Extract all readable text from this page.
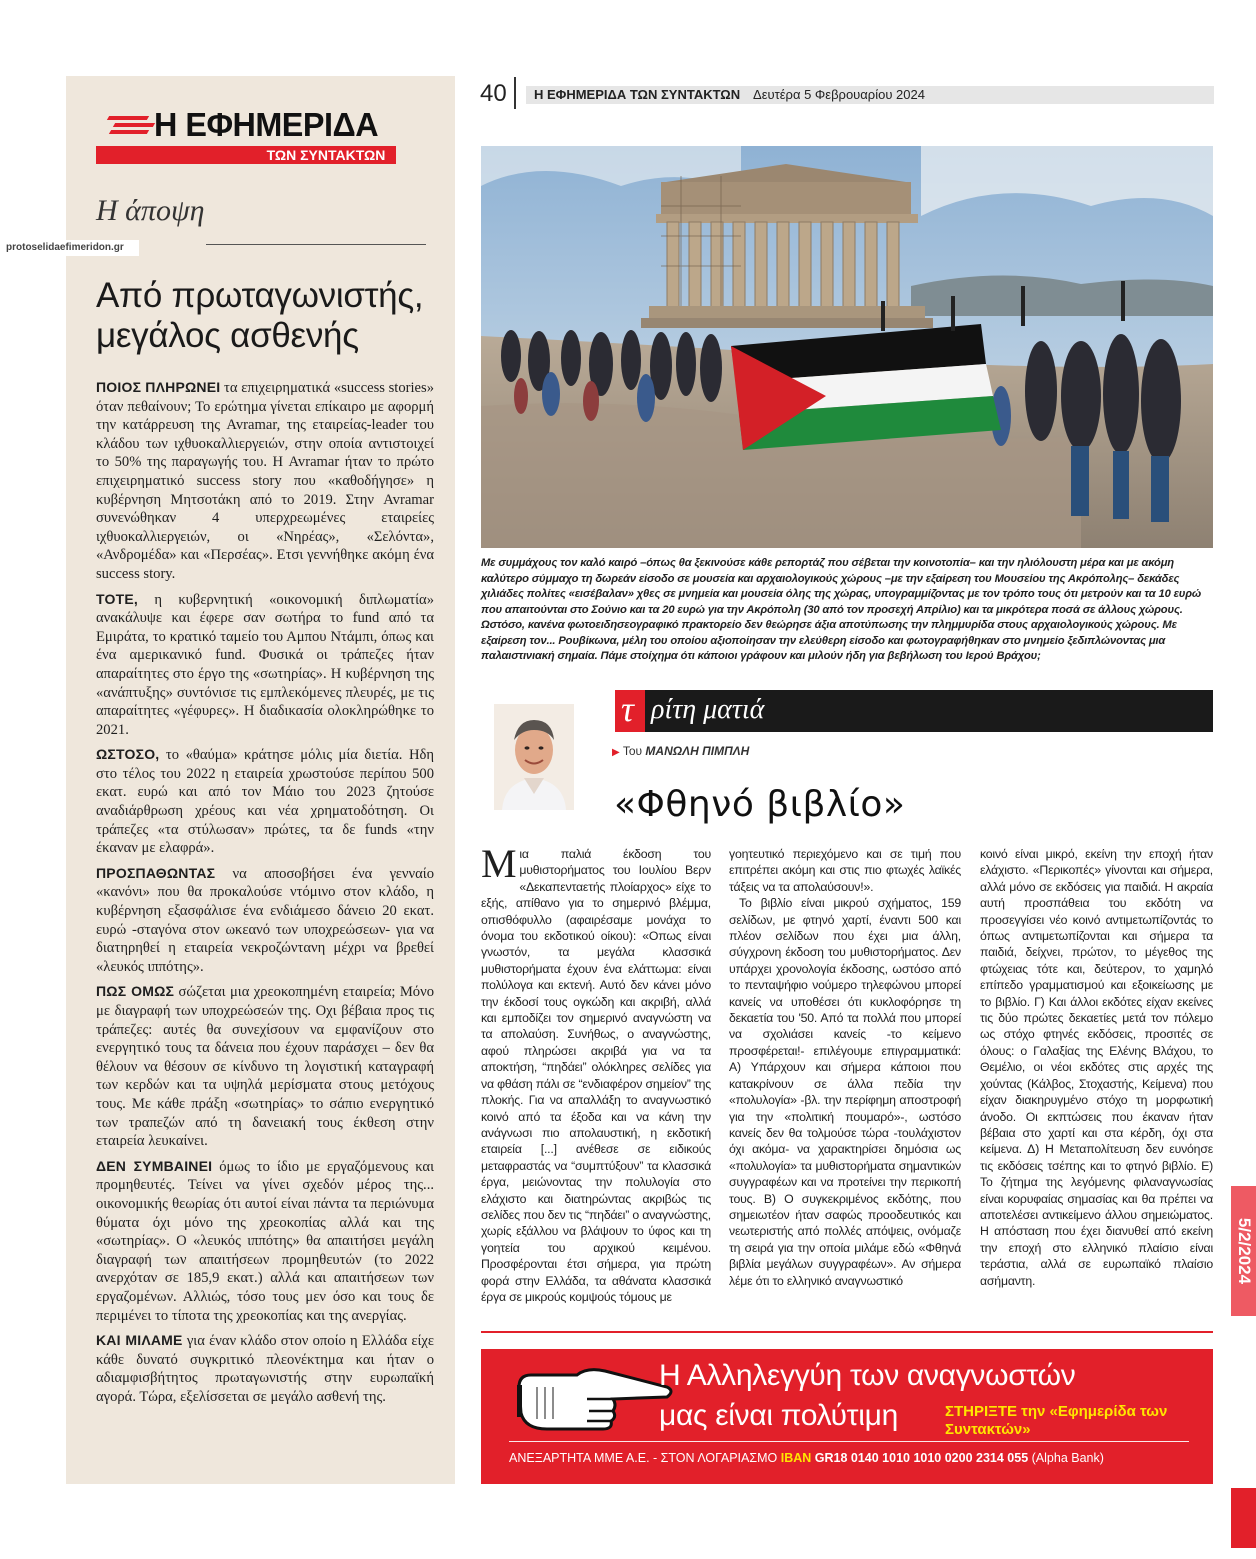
Η ΕΦΗΜΕΡΙΔΑ
ΤΩΝ ΣΥΝΤΑΚΤΩΝ
Η άποψη
Από πρωταγωνιστής,
μεγάλος ασθενής

ΠΟΙΟΣ ΠΛΗΡΩΝΕΙ τα επιχειρηματικά «success stories» όταν πεθαίνουν; Το ερώτημα γίνεται επίκαιρο με αφορμή την κατάρρευση της Avramar, της εταιρείας-leader του κλάδου των ιχθυοκαλλιεργειών, στην οποία αντιστοιχεί το 50% της παραγωγής του. Η Avramar ήταν το πρώτο επιχειρηματικό success story που «καθοδήγησε» η κυβέρνηση Μητσοτάκη από το 2019. Στην Avramar συνενώθηκαν 4 υπερχρεωμένες εταιρείες ιχθυοκαλλιεργειών, οι «Νηρέας», «Σελόντα», «Ανδρομέδα» και «Περσέας». Ετσι γεννήθηκε ακόμη ένα success story.

ΤΟΤΕ, η κυβερνητική «οικονομική διπλωματία» ανακάλυψε και έφερε σαν σωτήρα το fund από τα Εμιράτα, το κρατικό ταμείο του Αμπου Ντάμπι, όπως και ένα αμερικανικό fund. Φυσικά οι τράπεζες ήταν απαραίτητες στο έργο της «σωτηρίας». Η κυβέρνηση της «ανάπτυξης» συντόνισε τις εμπλεκόμενες πλευρές, με τις απαραίτητες «γέφυρες». Η διαδικασία ολοκληρώθηκε το 2021.

ΩΣΤΟΣΟ, το «θαύμα» κράτησε μόλις μία διετία. Ηδη στο τέλος του 2022 η εταιρεία χρωστούσε περίπου 500 εκατ. ευρώ και από τον Μάιο του 2023 ζητούσε αναδιάρθρωση χρέους και νέα χρηματοδότηση. Οι τράπεζες «τα στύλωσαν» πρώτες, τα δε funds «την έκαναν με ελαφρά».

ΠΡΟΣΠΑΘΩΝΤΑΣ να αποσοβήσει ένα γενναίο «κανόνι» που θα προκαλούσε ντόμινο στον κλάδο, η κυβέρνηση εξασφάλισε ένα ενδιάμεσο δάνειο 20 εκατ. ευρώ -σταγόνα στον ωκεανό των υποχρεώσεων- για να διατηρηθεί η εταιρεία νεκροζώντανη μέχρι να βρεθεί «λευκός ιππότης».

ΠΩΣ ΟΜΩΣ σώζεται μια χρεοκοπημένη εταιρεία; Μόνο με διαγραφή των υποχρεώσεών της. Οχι βέβαια προς τις τράπεζες: αυτές θα συνεχίσουν να εμφανίζουν στο ενεργητικό τους τα δάνεια που έχουν παράσχει – δεν θα θέλουν να θέσουν σε κίνδυνο τη λογιστική καταγραφή των κερδών και τα υψηλά μερίσματα στους μετόχους τους. Με κάθε πράξη «σωτηρίας» το σάπιο ενεργητικό των τραπεζών από τη δανειακή τους έκθεση στην εταιρεία λευκαίνει.

ΔΕΝ ΣΥΜΒΑΙΝΕΙ όμως το ίδιο με εργαζόμενους και προμηθευτές. Τείνει να γίνει σχεδόν μέρος της... οικονομικής θεωρίας ότι αυτοί είναι πάντα τα περιώνυμα θύματα όχι μόνο της χρεοκοπίας αλλά και της «σωτηρίας». Ο «λευκός ιππότης» θα απαιτήσει μεγάλη διαγραφή των απαιτήσεων προμηθευτών (το 2022 ανερχόταν σε 185,9 εκατ.) αλλά και απαιτήσεων των εργαζομένων. Αλλιώς, τόσο τους μεν όσο και τους δε περιμένει το τίποτα της χρεοκοπίας και της ανεργίας.

ΚΑΙ ΜΙΛΑΜΕ για έναν κλάδο στον οποίο η Ελλάδα είχε κάθε δυνατό συγκριτικό πλεονέκτημα και ήταν ο αδιαμφισβήτητος πρωταγωνιστής στην ευρωπαϊκή αγορά. Τώρα, εξελίσσεται σε μεγάλο ασθενή της.

protoselidaefimeridon.gr
40	Η ΕΦΗΜΕΡΙΔΑ ΤΩΝ ΣΥΝΤΑΚΤΩΝ Δευτέρα 5 Φεβρουαρίου 2024
Με συμμάχους τον καλό καιρό –όπως θα ξεκινούσε κάθε ρεπορτάζ που σέβεται την κοινοτοπία– και την ηλιόλουστη μέρα και με ακόμη καλύτερο σύμμαχο τη δωρεάν είσοδο σε μουσεία και αρχαιολογικούς χώρους –με την εξαίρεση του Μουσείου της Ακρόπολης– δεκάδες χιλιάδες πολίτες «εισέβαλαν» χθες σε μνημεία και μουσεία όλης της χώρας, υπογραμμίζοντας με τον τρόπο τους ότι μετρούν και τα 10 ευρώ που απαιτούνται στο Σούνιο και τα 20 ευρώ για την Ακρόπολη (30 από τον προσεχή Απρίλιο) και τα μικρότερα ποσά σε άλλους χώρους. Ωστόσο, κανένα φωτοειδησεογραφικό πρακτορείο δεν θεώρησε άξια αποτύπωσης την πλημμυρίδα στους αρχαιολογικούς χώρους. Με εξαίρεση τον... Ρουβίκωνα, μέλη του οποίου αξιοποίησαν την ελεύθερη είσοδο και φωτογραφήθηκαν στο μνημείο ξεδιπλώνοντας μια παλαιστινιακή σημαία. Πάμε στοίχημα ότι κάποιοι γράφουν και μιλούν ήδη για βεβήλωση του Ιερού Βράχου;
τ ρίτη ματιά
▶ Του ΜΑΝΩΛΗ ΠΙΜΠΛΗ
«Φθηνό βιβλίο»

Μια παλιά έκδοση του μυθιστορήματος του Ιουλίου Βερν «Δεκαπενταετής πλοίαρχος» είχε το εξής, απίθανο για το σημερινό βλέμμα, οπισθόφυλλο (αφαιρέσαμε μονάχα το όνομα του εκδοτικού οίκου): «Οπως είναι γνωστόν, τα μεγάλα κλασσικά μυθιστορήματα έχουν ένα ελάττωμα: είναι πολύλογα και εκτενή. Αυτό δεν κάνει μόνο την έκδοσί τους ογκώδη και ακριβή, αλλά και εμποδίζει τον σημερινό αναγνώστη να τα απολαύση. Συνήθως, ο αναγνώστης, αφού πληρώσει ακριβά για να τα αποκτήση, “πηδάει” ολόκληρες σελίδες για να φθάση πάλι σε “ενδιαφέρον σημείον” της πλοκής. Για να απαλλάξη το αναγνωστικό κοινό από τα έξοδα και να κάνη την ανάγνωσι πιο απολαυστική, η εκδοτική εταιρεία [...] ανέθεσε σε ειδικούς μεταφραστάς να “συμπτύξουν” τα κλασσικά έργα, μειώνοντας την πολυλογία στο ελάχιστο και διατηρώντας ακριβώς τις σελίδες που δεν τις “πηδάει” ο αναγνώστης, χωρίς εξάλλου να βλάψουν το ύφος και τη γοητεία του αρχικού κειμένου. Προσφέρονται έτσι σήμερα, για πρώτη φορά στην Ελλάδα, τα αθάνατα κλασσικά έργα σε μικρούς κομψούς τόμους με

γοητευτικό περιεχόμενο και σε τιμή που επιτρέπει ακόμη και στις πιο φτωχές λαϊκές τάξεις να τα απολαύσουν!».

Το βιβλίο είναι μικρού σχήματος, 159 σελίδων, με φτηνό χαρτί, έναντι 500 και πλέον σελίδων που έχει μια άλλη, σύγχρονη έκδοση του μυθιστορήματος. Δεν υπάρχει χρονολογία έκδοσης, ωστόσο από το πενταψήφιο νούμερο τηλεφώνου μπορεί κανείς να υποθέσει ότι κυκλοφόρησε τη δεκαετία του '50. Από τα πολλά που μπορεί να σχολιάσει κανείς -το κείμενο προσφέρεται!- επιλέγουμε επιγραμματικά: Α) Υπάρχουν και σήμερα κάποιοι που κατακρίνουν σε άλλα πεδία την «πολυλογία» -βλ. την περίφημη αποστροφή για την «πολιτική πουμαρό»-, ωστόσο κανείς δεν θα τολμούσε τώρα -τουλάχιστον όχι ακόμα- να χαρακτηρίσει δημόσια ως «πολυλογία» τα μυθιστορήματα σημαντικών συγγραφέων και να προτείνει την περικοπή τους. Β) Ο συγκεκριμένος εκδότης, που σημειωτέον ήταν σαφώς προοδευτικός και νεωτεριστής από πολλές απόψεις, ονόμαζε τη σειρά για την οποία μιλάμε εδώ «Φθηνά βιβλία μεγάλων συγγραφέων». Αν σήμερα λέμε ότι το ελληνικό αναγνωστικό

κοινό είναι μικρό, εκείνη την εποχή ήταν ελάχιστο. «Περικοπές» γίνονται και σήμερα, αλλά μόνο σε εκδόσεις για παιδιά. Η ακραία αυτή προσπάθεια του εκδότη να προσεγγίσει νέο κοινό αντιμετωπίζοντάς το όπως αντιμετωπίζονται και σήμερα τα παιδιά, δείχνει, πρώτον, το μέγεθος της φτώχειας τότε και, δεύτερον, το χαμηλό επίπεδο γραμματισμού και εξοικείωσης με το βιβλίο. Γ) Και άλλοι εκδότες είχαν εκείνες τις δύο πρώτες δεκαετίες μετά τον πόλεμο ως στόχο φτηνές εκδόσεις, προσιτές σε όλους: ο Γαλαξίας της Ελένης Βλάχου, το Θεμέλιο, οι νέοι εκδότες στις αρχές της χούντας (Κάλβος, Στοχαστής, Κείμενα) που είχαν διακηρυγμένο στόχο τη μορφωτική άνοδο. Οι εκπτώσεις που έκαναν ήταν βέβαια στο χαρτί και στα κέρδη, όχι στα κείμενα. Δ) Η Μεταπολίτευση δεν ευνόησε τις εκδόσεις τσέπης και το φτηνό βιβλίο. Ε) Το ζήτημα της λεγόμενης φιλαναγνωσίας είναι κορυφαίας σημασίας και θα πρέπει να αποτελέσει αντικείμενο άλλου σημειώματος. Η απόσταση που έχει διανυθεί από εκείνη την εποχή στο ελληνικό πλαίσιο είναι τεράστια, αλλά σε ευρωπαϊκό πλαίσιο ασήμαντη.	5/2/2024
Η Αλληλεγγύη των αναγνωστών
μας είναι πολύτιμη	ΣΤΗΡΙΞΤΕ την «Εφημερίδα των Συντακτών»
ΑΝΕΞΑΡΤΗΤΑ ΜΜΕ Α.Ε. - ΣΤΟΝ ΛΟΓΑΡΙΑΣΜΟ IBAN GR18 0140 1010 1010 0200 2314 055 (Alpha Bank)
